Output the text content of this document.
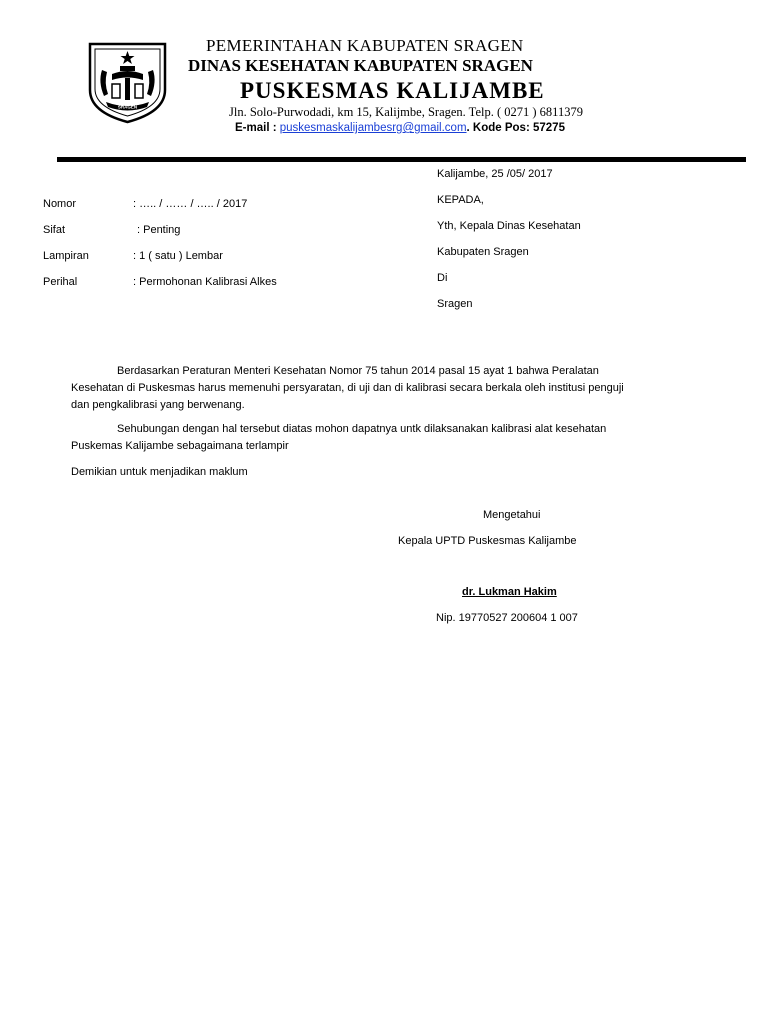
SRAGEN
PEMERINTAHAN KABUPATEN SRAGEN
DINAS KESEHATAN KABUPATEN SRAGEN
PUSKESMAS KALIJAMBE
Jln. Solo-Purwodadi, km 15, Kalijmbe, Sragen. Telp. ( 0271 ) 6811379
E-mail : puskesmaskalijambesrg@gmail.com. Kode Pos: 57275
Kalijambe, 25 /05/ 2017
KEPADA,
Yth, Kepala Dinas Kesehatan
Kabupaten Sragen
Di
Sragen
Nomor	: ….. / …… / ….. / 2017
Sifat	: Penting
Lampiran	: 1 ( satu ) Lembar
Perihal	: Permohonan Kalibrasi Alkes
Berdasarkan Peraturan Menteri Kesehatan Nomor 75 tahun 2014 pasal 15 ayat 1 bahwa Peralatan
Kesehatan di Puskesmas harus memenuhi persyaratan, di uji dan di kalibrasi secara berkala oleh institusi penguji
dan pengkalibrasi yang berwenang.
Sehubungan dengan hal tersebut diatas mohon dapatnya untk dilaksanakan kalibrasi alat kesehatan
Puskemas Kalijambe sebagaimana terlampir
Demikian untuk menjadikan maklum
Mengetahui
Kepala UPTD Puskesmas Kalijambe
dr. Lukman Hakim
Nip. 19770527 200604 1 007
